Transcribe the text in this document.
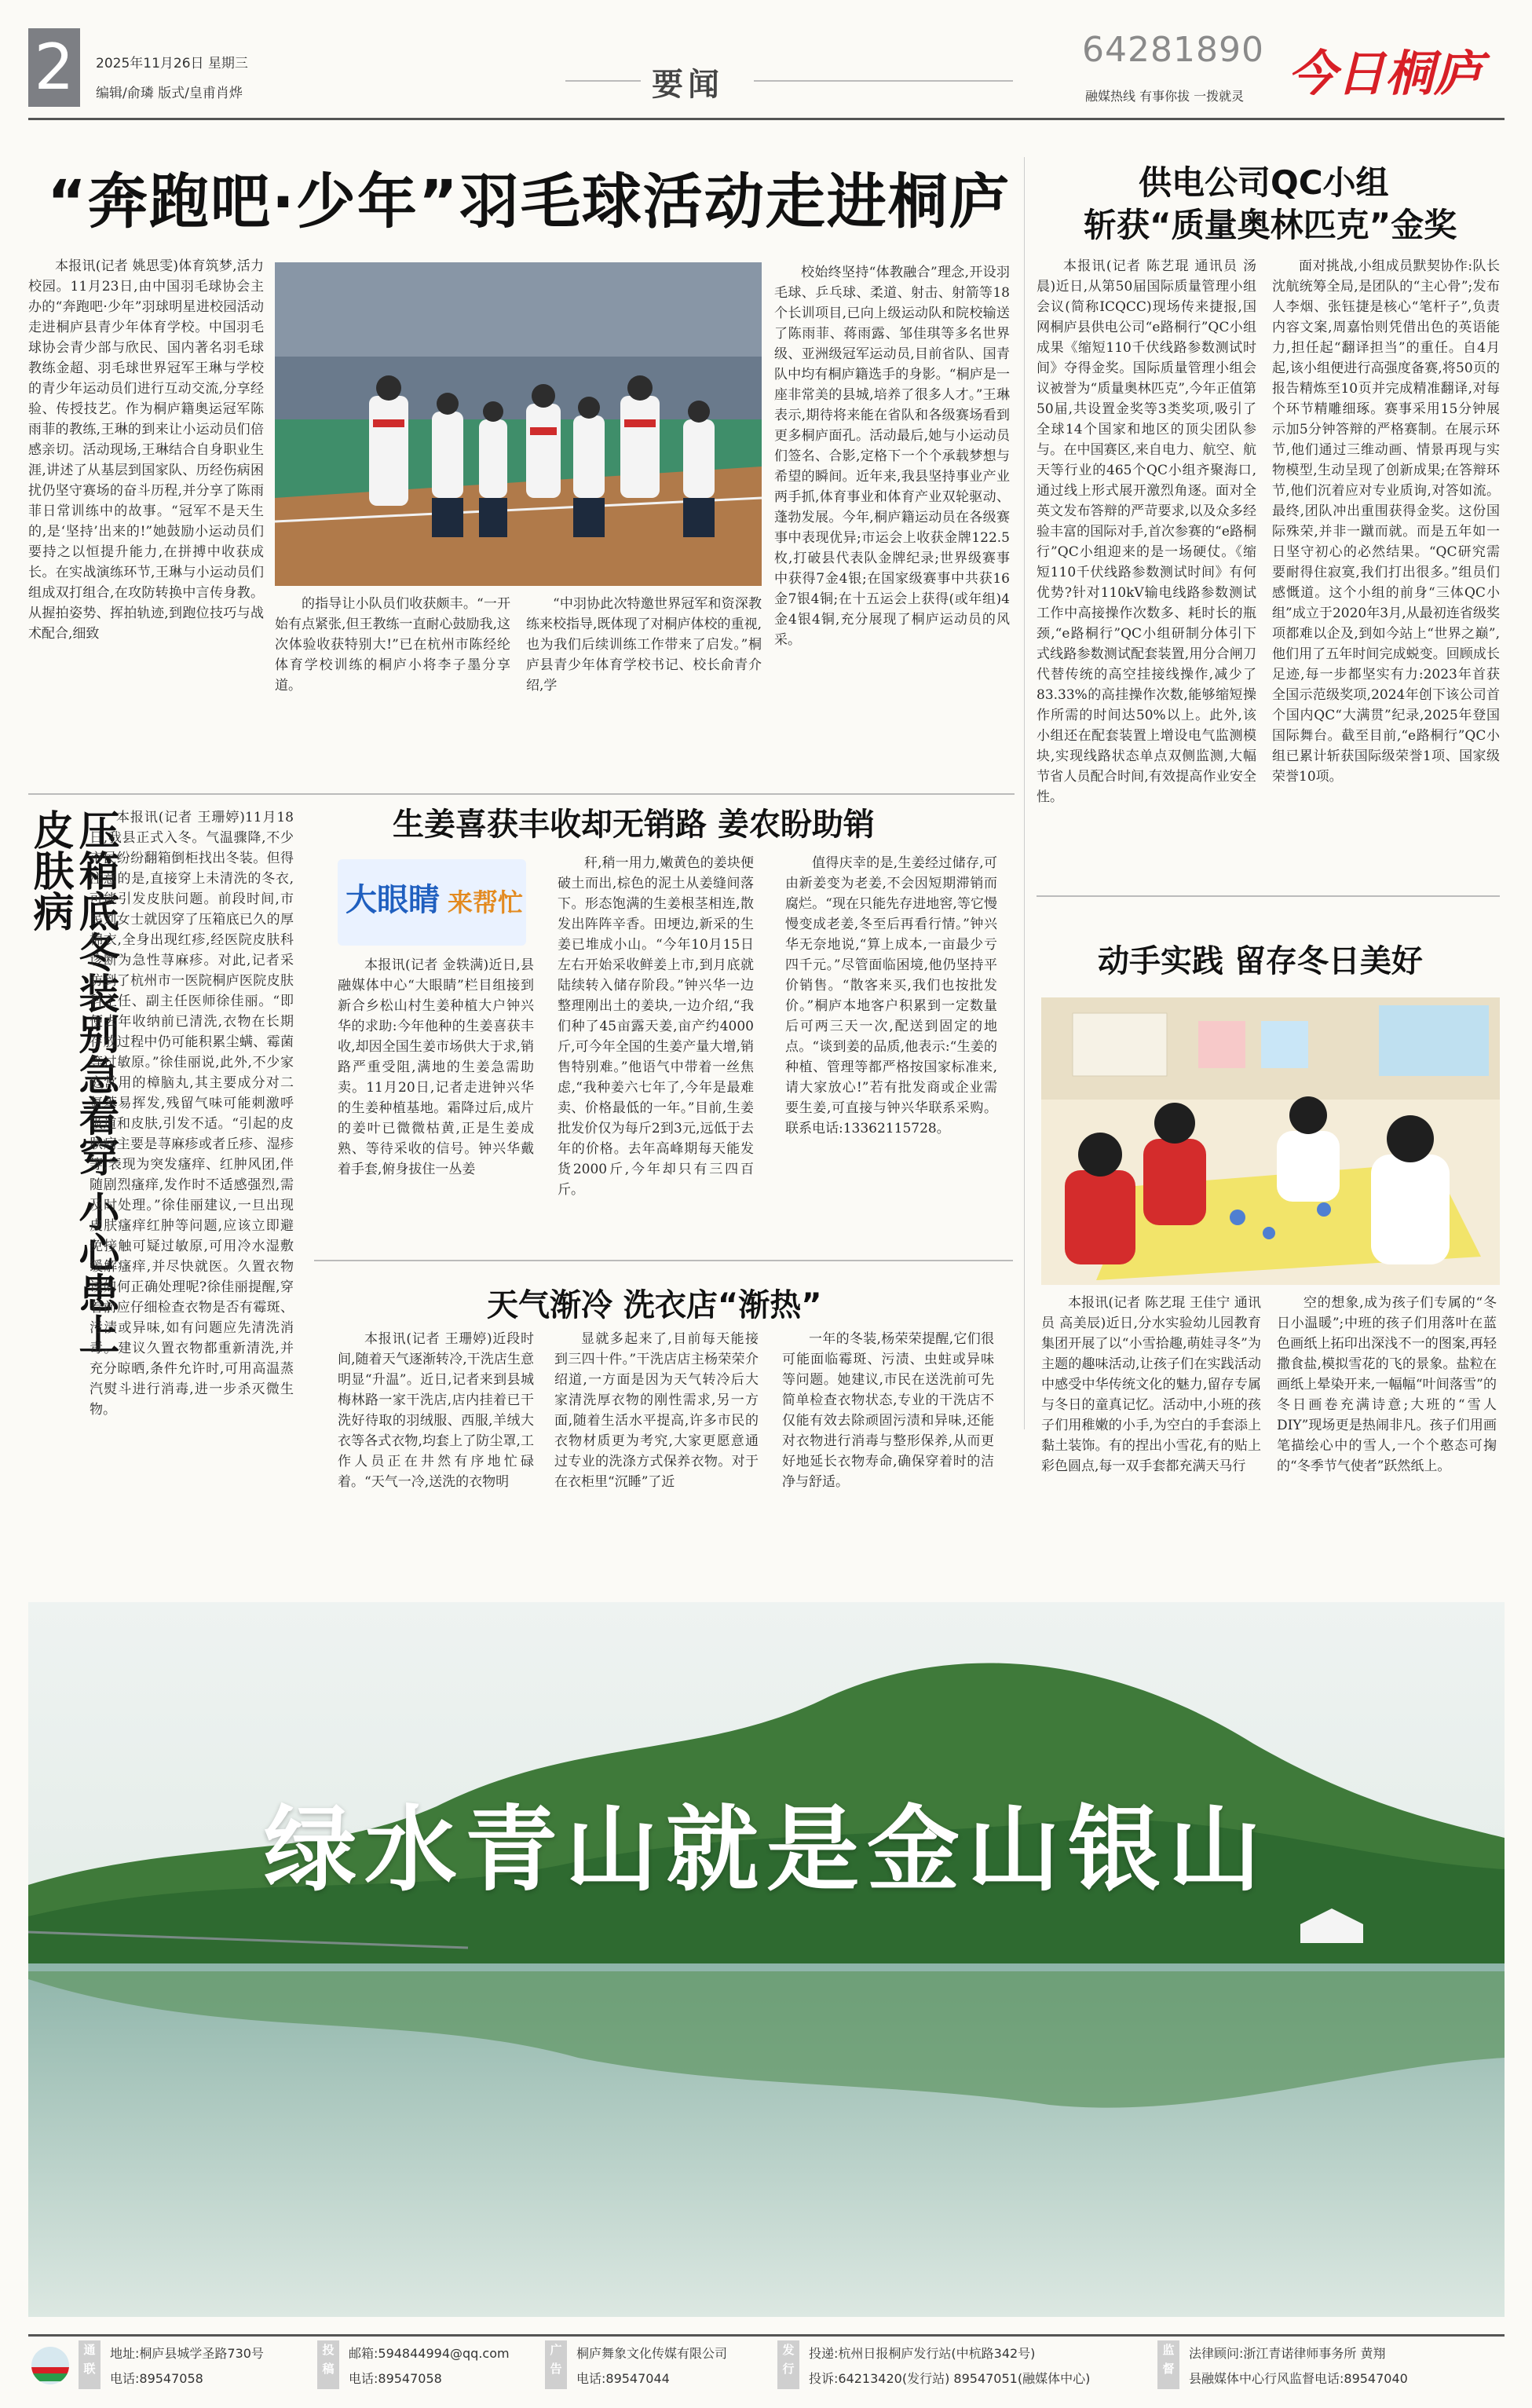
2	2025年11月26日 星期三
编辑/俞璘 版式/皇甫肖烨	要闻
64281890
融媒热线 有事你拔 一拨就灵 今日桐庐
“奔跑吧·少年”羽毛球活动走进桐庐

本报讯(记者 姚思雯)体育筑梦,活力校园。11月23日,由中国羽毛球协会主办的“奔跑吧·少年”羽球明星进校园活动走进桐庐县青少年体育学校。中国羽毛球协会青少部与欣民、国内著名羽毛球教练金超、羽毛球世界冠军王琳与学校的青少年运动员们进行互动交流,分享经验、传授技艺。作为桐庐籍奥运冠军陈雨菲的教练,王琳的到来让小运动员们倍感亲切。活动现场,王琳结合自身职业生涯,讲述了从基层到国家队、历经伤病困扰仍坚守赛场的奋斗历程,并分享了陈雨菲日常训练中的故事。“冠军不是天生的,是‘坚持’出来的!”她鼓励小运动员们要持之以恒提升能力,在拼搏中收获成长。在实战演练环节,王琳与小运动员们组成双打组合,在攻防转换中言传身教。从握拍姿势、挥拍轨迹,到跑位技巧与战术配合,细致

的指导让小队员们收获颇丰。“一开始有点紧张,但王教练一直耐心鼓励我,这次体验收获特别大!”已在杭州市陈经纶体育学校训练的桐庐小将李子墨分享道。

“中羽协此次特邀世界冠军和资深教练来校指导,既体现了对桐庐体校的重视,也为我们后续训练工作带来了启发。”桐庐县青少年体育学校书记、校长俞青介绍,学

校始终坚持“体教融合”理念,开设羽毛球、乒乓球、柔道、射击、射箭等18个长训项目,已向上级运动队和院校输送了陈雨菲、蒋雨露、邹佳琪等多名世界级、亚洲级冠军运动员,目前省队、国青队中均有桐庐籍选手的身影。“桐庐是一座非常美的县城,培养了很多人才。”王琳表示,期待将来能在省队和各级赛场看到更多桐庐面孔。活动最后,她与小运动员们签名、合影,定格下一个个承载梦想与希望的瞬间。近年来,我县坚持事业产业两手抓,体育事业和体育产业双轮驱动、蓬勃发展。今年,桐庐籍运动员在各级赛事中表现优异;市运会上收获金牌122.5枚,打破县代表队金牌纪录;世界级赛事中获得7金4银;在国家级赛事中共获16金7银4铜;在十五运会上获得(或年组)4金4银4铜,充分展现了桐庐运动员的风采。

供电公司QC小组
斩获“质量奥林匹克”金奖

本报讯(记者 陈艺琨 通讯员 汤晨)近日,从第50届国际质量管理小组会议(简称ICQCC)现场传来捷报,国网桐庐县供电公司“e路桐行”QC小组成果《缩短110千伏线路参数测试时间》夺得金奖。国际质量管理小组会议被誉为“质量奥林匹克”,今年正值第50届,共设置金奖等3类奖项,吸引了全球14个国家和地区的顶尖团队参与。在中国赛区,来自电力、航空、航天等行业的465个QC小组齐聚海口,通过线上形式展开激烈角逐。面对全英文发布答辩的严苛要求,以及众多经验丰富的国际对手,首次参赛的“e路桐行”QC小组迎来的是一场硬仗。《缩短110千伏线路参数测试时间》有何优势?针对110kV输电线路参数测试工作中高接操作次数多、耗时长的瓶颈,“e路桐行”QC小组研制分体引下式线路参数测试配套装置,用分合闸刀代替传统的高空挂接线操作,减少了83.33%的高挂操作次数,能够缩短操作所需的时间达50%以上。此外,该小组还在配套装置上增设电气监测模块,实现线路状态单点双侧监测,大幅节省人员配合时间,有效提高作业安全性。

面对挑战,小组成员默契协作:队长沈航统筹全局,是团队的“主心骨”;发布人李烟、张钰捷是核心“笔杆子”,负责内容文案,周嘉怡则凭借出色的英语能力,担任起“翻译担当”的重任。自4月起,该小组便进行高强度备赛,将50页的报告精炼至10页并完成精准翻译,对每个环节精雕细琢。赛事采用15分钟展示加5分钟答辩的严格赛制。在展示环节,他们通过三维动画、情景再现与实物模型,生动呈现了创新成果;在答辩环节,他们沉着应对专业质询,对答如流。最终,团队冲出重围获得金奖。这份国际殊荣,并非一蹴而就。而是五年如一日坚守初心的必然结果。“QC研究需要耐得住寂寞,我们打出很多。”组员们感慨道。这个小组的前身“三体QC小组”成立于2020年3月,从最初连省级奖项都难以企及,到如今站上“世界之巅”,他们用了五年时间完成蜕变。回顾成长足迹,每一步都坚实有力:2023年首获全国示范级奖项,2024年创下该公司首个国内QC“大满贯”纪录,2025年登国国际舞台。截至目前,“e路桐行”QC小组已累计斩获国际级荣誉1项、国家级荣誉10项。

压箱底冬装别急着穿 小心患上皮肤病	本报讯(记者 王珊婷)11月18日,我县正式入冬。气温骤降,不少市民纷纷翻箱倒柜找出冬装。但得注意的是,直接穿上未清洗的冬衣,可能引发皮肤问题。前段时间,市民刘女士就因穿了压箱底已久的厚棉衣,全身出现红疹,经医院皮肤科诊断为急性荨麻疹。对此,记者采访到了杭州市一医院桐庐医院皮肤科主任、副主任医师徐佳丽。“即便去年收纳前已清洗,衣物在长期存放过程中仍可能积累尘螨、霉菌等过敏原。”徐佳丽说,此外,不少家庭常用的樟脑丸,其主要成分对二氯苯易挥发,残留气味可能刺激呼吸道和皮肤,引发不适。“引起的皮肤病主要是荨麻疹或者丘疹、湿疹等,表现为突发瘙痒、红肿风团,伴随剧烈瘙痒,发作时不适感强烈,需及时处理。”徐佳丽建议,一旦出现皮肤瘙痒红肿等问题,应该立即避免接触可疑过敏原,可用冷水湿敷缓解瘙痒,并尽快就医。久置衣物该如何正确处理呢?徐佳丽提醒,穿着前应仔细检查衣物是否有霉斑、污渍或异味,如有问题应先清洗消毒。建议久置衣物都重新清洗,并充分晾晒,条件允许时,可用高温蒸汽熨斗进行消毒,进一步杀灭微生物。

生姜喜获丰收却无销路 姜农盼助销
大眼睛 来帮忙

本报讯(记者 金轶满)近日,县融媒体中心“大眼睛”栏目组接到新合乡松山村生姜种植大户钟兴华的求助:今年他种的生姜喜获丰收,却因全国生姜市场供大于求,销路严重受阻,满地的生姜急需助卖。11月20日,记者走进钟兴华的生姜种植基地。霜降过后,成片的姜叶已微微枯黄,正是生姜成熟、等待采收的信号。钟兴华戴着手套,俯身拔住一丛姜

秆,稍一用力,嫩黄色的姜块便破土而出,棕色的泥土从姜缝间落下。形态饱满的生姜根茎相连,散发出阵阵辛香。田埂边,新采的生姜已堆成小山。“今年10月15日左右开始采收鲜姜上市,到月底就陆续转入储存阶段。”钟兴华一边整理刚出土的姜块,一边介绍,“我们种了45亩露天姜,亩产约4000斤,可今年全国的生姜产量大增,销售特别难。”他语气中带着一丝焦虑,“我种姜六七年了,今年是最难卖、价格最低的一年。”目前,生姜批发价仅为每斤2到3元,远低于去年的价格。去年高峰期每天能发货2000斤,今年却只有三四百斤。

值得庆幸的是,生姜经过储存,可由新姜变为老姜,不会因短期滞销而腐烂。“现在只能先存进地窖,等它慢慢变成老姜,冬至后再看行情。”钟兴华无奈地说,“算上成本,一亩最少亏四千元。”尽管面临困境,他仍坚持平价销售。“散客来买,我们也按批发价。”桐庐本地客户积累到一定数量后可两三天一次,配送到固定的地点。“谈到姜的品质,他表示:“生姜的种植、管理等都严格按国家标准来,请大家放心!”若有批发商或企业需要生姜,可直接与钟兴华联系采购。联系电话:13362115728。

天气渐冷 洗衣店“渐热”

本报讯(记者 王珊婷)近段时间,随着天气逐渐转冷,干洗店生意明显“升温”。近日,记者来到县城梅林路一家干洗店,店内挂着已干洗好待取的羽绒服、西服,羊绒大衣等各式衣物,均套上了防尘罩,工作人员正在井然有序地忙碌着。“天气一冷,送洗的衣物明

显就多起来了,目前每天能接到三四十件。”干洗店店主杨荣荣介绍道,一方面是因为天气转冷后大家清洗厚衣物的刚性需求,另一方面,随着生活水平提高,许多市民的衣物材质更为考究,大家更愿意通过专业的洗涤方式保养衣物。对于在衣柜里“沉睡”了近

一年的冬装,杨荣荣提醒,它们很可能面临霉斑、污渍、虫蛀或异味等问题。她建议,市民在送洗前可先简单检查衣物状态,专业的干洗店不仅能有效去除顽固污渍和异味,还能对衣物进行消毒与整形保养,从而更好地延长衣物寿命,确保穿着时的洁净与舒适。

动手实践 留存冬日美好

本报讯(记者 陈艺琨 王佳宁 通讯员 高美辰)近日,分水实验幼儿园教育集团开展了以“小雪拾趣,萌娃寻冬”为主题的趣味活动,让孩子们在实践活动中感受中华传统文化的魅力,留存专属与冬日的童真记忆。活动中,小班的孩子们用稚嫩的小手,为空白的手套添上黏土装饰。有的捏出小雪花,有的贴上彩色圆点,每一双手套都充满天马行

空的想象,成为孩子们专属的“冬日小温暖”;中班的孩子们用落叶在蓝色画纸上拓印出深浅不一的图案,再轻撒食盐,模拟雪花的飞的景象。盐粒在画纸上晕染开来,一幅幅“叶间落雪”的冬日画卷充满诗意;大班的“雪人DIY”现场更是热闹非凡。孩子们用画笔描绘心中的雪人,一个个憨态可掬的“冬季节气使者”跃然纸上。

绿水青山就是金山银山
通联
地址:桐庐县城学圣路730号
电话:89547058
投稿
邮箱:594844994@qq.com
电话:89547058
广告
桐庐舞象文化传媒有限公司
电话:89547044
发行
投递:杭州日报桐庐发行站(中杭路342号)
投诉:64213420(发行站) 89547051(融媒体中心)
监督
法律顾问:浙江青诺律师事务所 黄翔
县融媒体中心行风监督电话:89547040
